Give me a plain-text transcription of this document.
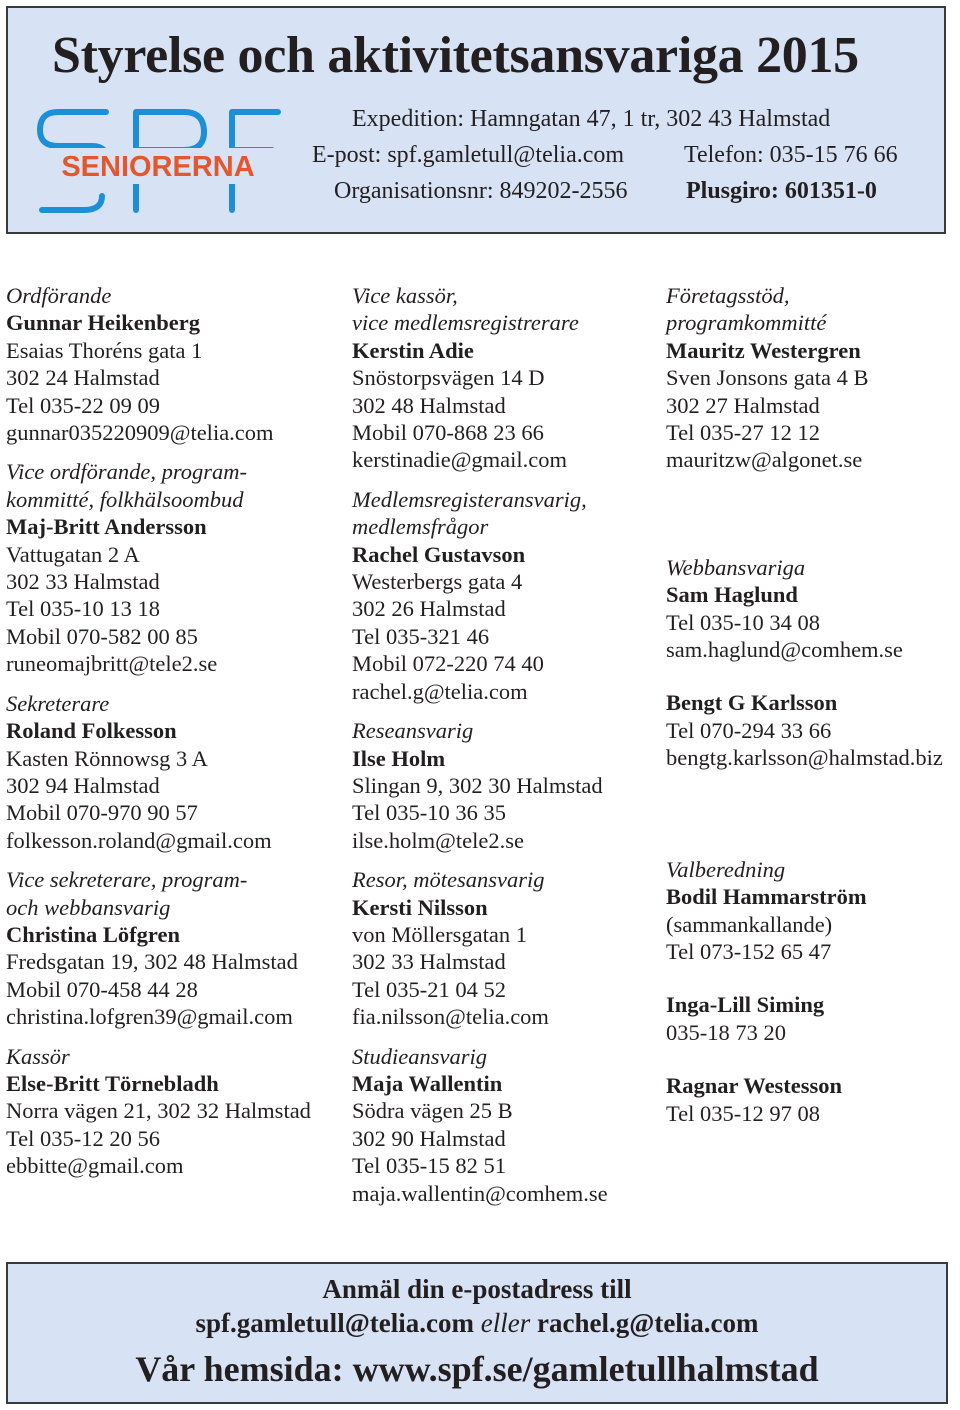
Styrelse och aktivitetsansvariga 2015
SENIORERNA
Expedition: Hamngatan 47, 1 tr, 302 43 Halmstad
E-post: spf.gamletull@telia.com Telefon: 035-15 76 66
Organisationsnr: 849202-2556 Plusgiro: 601351-0
Ordförande
Gunnar Heikenberg
Esaias Thoréns gata 1
302 24 Halmstad
Tel 035-22 09 09
gunnar035220909@telia.com
Vice ordförande, program-
kommitté, folkhälsoombud
Maj-Britt Andersson
Vattugatan 2 A
302 33 Halmstad
Tel 035-10 13 18
Mobil 070-582 00 85
runeomajbritt@tele2.se
Sekreterare
Roland Folkesson
Kasten Rönnowsg 3 A
302 94 Halmstad
Mobil 070-970 90 57
folkesson.roland@gmail.com
Vice sekreterare, program-
och webbansvarig
Christina Löfgren
Fredsgatan 19, 302 48 Halmstad
Mobil 070-458 44 28
christina.lofgren39@gmail.com
Kassör
Else-Britt Törnebladh
Norra vägen 21, 302 32 Halmstad
Tel 035-12 20 56
ebbitte@gmail.com
Vice kassör,
vice medlemsregistrerare
Kerstin Adie
Snöstorpsvägen 14 D
302 48 Halmstad
Mobil 070-868 23 66
kerstinadie@gmail.com
Medlemsregisteransvarig,
medlemsfrågor
Rachel Gustavson
Westerbergs gata 4
302 26 Halmstad
Tel 035-321 46
Mobil 072-220 74 40
rachel.g@telia.com
Reseansvarig
Ilse Holm
Slingan 9, 302 30 Halmstad
Tel 035-10 36 35
ilse.holm@tele2.se
Resor, mötesansvarig
Kersti Nilsson
von Möllersgatan 1
302 33 Halmstad
Tel 035-21 04 52
fia.nilsson@telia.com
Studieansvarig
Maja Wallentin
Södra vägen 25 B
302 90 Halmstad
Tel 035-15 82 51
maja.wallentin@comhem.se
Företagsstöd,
programkommitté
Mauritz Westergren
Sven Jonsons gata 4 B
302 27 Halmstad
Tel 035-27 12 12
mauritzw@algonet.se
Webbansvariga
Sam Haglund
Tel 035-10 34 08
sam.haglund@comhem.se
Bengt G Karlsson
Tel 070-294 33 66
bengtg.karlsson@halmstad.biz
Valberedning
Bodil Hammarström
(sammankallande)
Tel 073-152 65 47
Inga-Lill Siming
035-18 73 20
Ragnar Westesson
Tel 035-12 97 08
Anmäl din e-postadress till
spf.gamletull@telia.com eller rachel.g@telia.com
Vår hemsida: www.spf.se/gamletullhalmstad
